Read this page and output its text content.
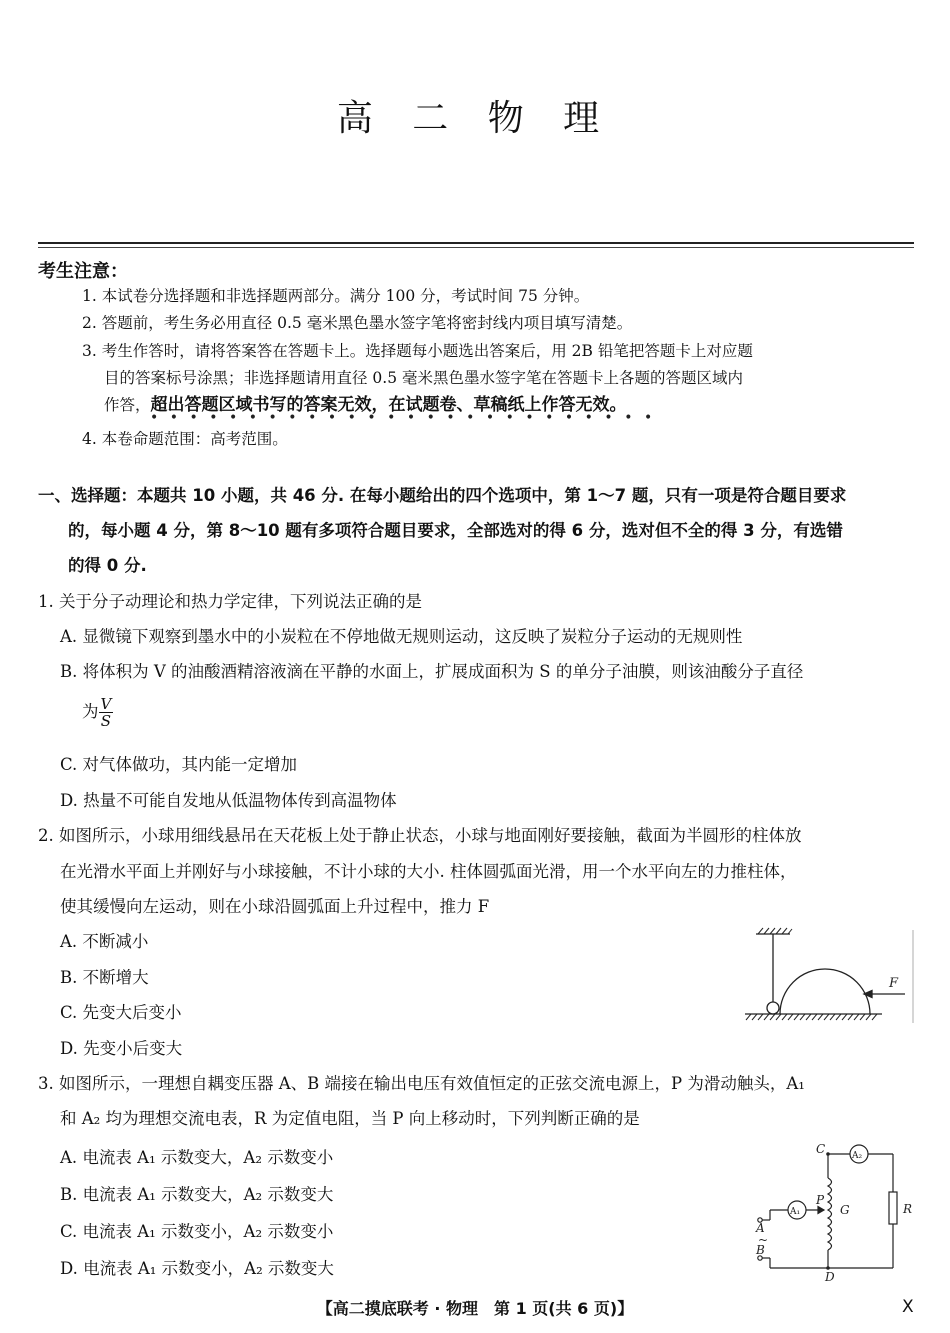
高 二 物 理
考生注意：
1. 本试卷分选择题和非选择题两部分。满分 100 分，考试时间 75 分钟。
2. 答题前，考生务必用直径 0.5 毫米黑色墨水签字笔将密封线内项目填写清楚。
3. 考生作答时，请将答案答在答题卡上。选择题每小题选出答案后，用 2B 铅笔把答题卡上对应题
目的答案标号涂黑；非选择题请用直径 0.5 毫米黑色墨水签字笔在答题卡上各题的答题区域内
作答，超出答题区域书写的答案无效，在试题卷、草稿纸上作答无效。
••••••••••••••••••••••••••
4. 本卷命题范围：高考范围。
一、选择题：本题共 10 小题，共 46 分. 在每小题给出的四个选项中，第 1～7 题，只有一项是符合题目要求
的，每小题 4 分，第 8～10 题有多项符合题目要求，全部选对的得 6 分，选对但不全的得 3 分，有选错
的得 0 分.
1. 关于分子动理论和热力学定律，下列说法正确的是
A. 显微镜下观察到墨水中的小炭粒在不停地做无规则运动，这反映了炭粒分子运动的无规则性
B. 将体积为 V 的油酸酒精溶液滴在平静的水面上，扩展成面积为 S 的单分子油膜，则该油酸分子直径
为 $\frac{V}{S}$
C. 对气体做功，其内能一定增加
D. 热量不可能自发地从低温物体传到高温物体
2. 如图所示，小球用细线悬吊在天花板上处于静止状态，小球与地面刚好要接触，截面为半圆形的柱体放
在光滑水平面上并刚好与小球接触，不计小球的大小. 柱体圆弧面光滑，用一个水平向左的力推柱体，
使其缓慢向左运动，则在小球沿圆弧面上升过程中，推力 F
A. 不断减小
B. 不断增大
C. 先变大后变小
D. 先变小后变大
F
3. 如图所示，一理想自耦变压器 A、B 端接在输出电压有效值恒定的正弦交流电源上，P 为滑动触头，A₁
和 A₂ 均为理想交流电表，R 为定值电阻，当 P 向上移动时，下列判断正确的是
A. 电流表 A₁ 示数变大，A₂ 示数变小
B. 电流表 A₁ 示数变大，A₂ 示数变大
C. 电流表 A₁ 示数变小，A₂ 示数变小
D. 电流表 A₁ 示数变小，A₂ 示数变大
C	A₂
P
A₁	G
A
~
B
D
R
【高二摸底联考 · 物理　第 1 页(共 6 页)】	X
